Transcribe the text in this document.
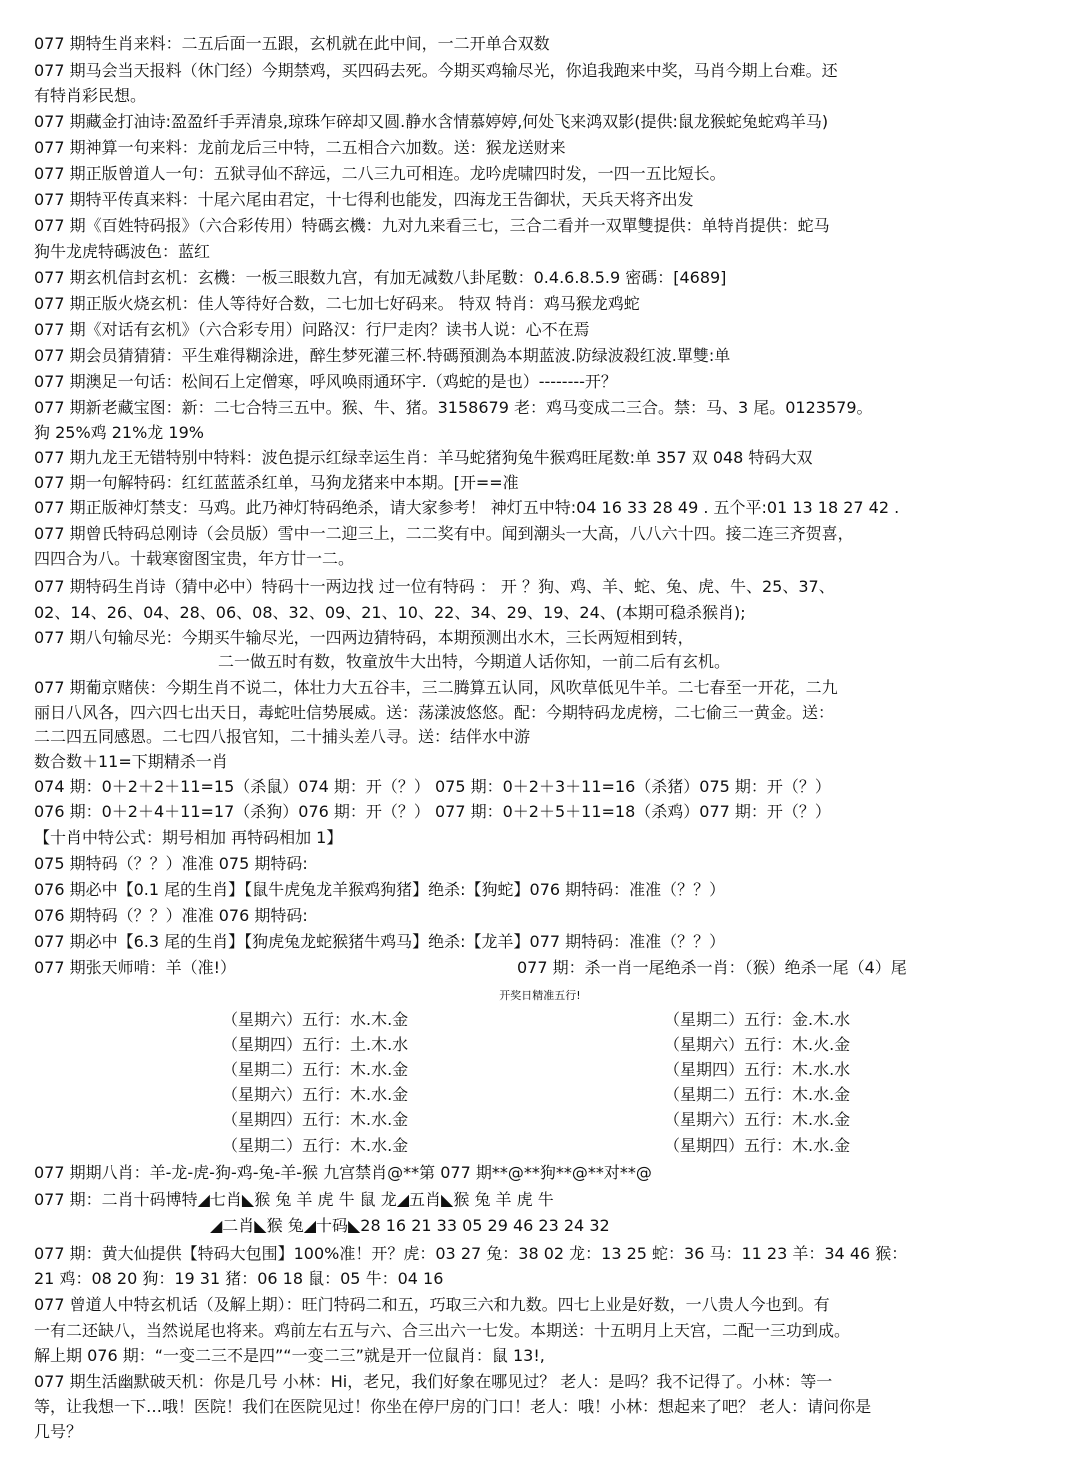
077 期特生肖来料：二五后面一五跟，玄机就在此中间，一二开单合双数
077 期马会当天报料（休门经）今期禁鸡，买四码去死。今期买鸡输尽光，你追我跑来中奖，马肖今期上台难。还
有特肖彩民想。
077 期藏金打油诗:盈盈纤手弄清泉,琼珠乍碎却又圆.静水含情慕婷婷,何处飞来鸿双影(提供:鼠龙猴蛇兔蛇鸡羊马)
077 期神算一句来料：龙前龙后三中特，二五相合六加数。送：猴龙送财来
077 期正版曾道人一句：五狱寻仙不辞远，二八三九可相连。龙吟虎啸四时发，一四一五比短长。
077 期特平传真来料：十尾六尾由君定，十七得利也能发，四海龙王告御状，天兵天将齐出发
077 期《百姓特码报》（六合彩传用）特碼玄機：九对九来看三七，三合二看并一双單雙提供：单特肖提供：蛇马
狗牛龙虎特碼波色：蓝红
077 期玄机信封玄机：玄機：一板三眼数九宫，有加无减数八卦尾數：0.4.6.8.5.9 密碼：[4689]
077 期正版火烧玄机：佳人等待好合数，二七加七好码来。 特双 特肖：鸡马猴龙鸡蛇
077 期《对话有玄机》（六合彩专用）问路汉：行尸走肉？读书人说：心不在焉
077 期会员猜猜猜：平生难得糊涂进，醉生梦死灌三杯.特碼預測為本期蓝波.防绿波殺红波.單雙:单
077 期澳足一句话：松间石上定僧寒，呼风唤雨通环宇.（鸡蛇的是也）--------开？
077 期新老藏宝图：新：二七合特三五中。猴、牛、猪。3158679 老：鸡马变成二三合。禁：马、3 尾。0123579。
狗 25%鸡 21%龙 19%
077 期九龙王无错特别中特料：波色提示红绿幸运生肖：羊马蛇猪狗兔牛猴鸡旺尾数:单 357 双 048 特码大双
077 期一句解特码：红红蓝蓝杀红单，马狗龙猪来中本期。[开==准
077 期正版神灯禁支：马鸡。此乃神灯特码绝杀，请大家参考！ 神灯五中特:04 16 33 28 49 . 五个平:01 13 18 27 42 .
077 期曾氏特码总刚诗（会员版）雪中一二迎三上，二二奖有中。闻到潮头一大高，八八六十四。接二连三齐贺喜，
四四合为八。十载寒窗图宝贵，年方廿一二。
077 期特码生肖诗（猜中必中）特码十一两边找 过一位有特码 ： 开 ？狗、鸡、羊、蛇、兔、虎、牛、25、37、
02、14、26、04、28、06、08、32、09、21、10、22、34、29、19、24、(本期可稳杀猴肖);
077 期八句输尽光：今期买牛输尽光，一四两边猜特码，本期预测出水木，三长两短相到转，
二一做五时有数，牧童放牛大出特，今期道人话你知，一前二后有玄机。
077 期葡京赌侠：今期生肖不说二，体壮力大五谷丰，三二腾算五认同，风吹草低见牛羊。二七春至一开花，二九
丽日八风各，四六四七出天日，毒蛇吐信势展威。送：荡漾波悠悠。配：今期特码龙虎榜，二七偷三一黄金。送：
二二四五同感恩。二七四八报官知，二十捕头差八寻。送：结伴水中游
数合数＋11=下期精杀一肖
074 期：0＋2＋2＋11=15（杀鼠）074 期：开（？） 075 期：0＋2＋3＋11=16（杀猪）075 期：开（？）
076 期：0＋2＋4＋11=17（杀狗）076 期：开（？） 077 期：0＋2＋5＋11=18（杀鸡）077 期：开（？）
【十肖中特公式：期号相加 再特码相加 1】
075 期特码（？？）准准 075 期特码:
076 期必中【0.1 尾的生肖】【鼠牛虎兔龙羊猴鸡狗猪】绝杀:【狗蛇】076 期特码：准准（？？）
076 期特码（？？）准准 076 期特码:
077 期必中【6.3 尾的生肖】【狗虎兔龙蛇猴猪牛鸡马】绝杀:【龙羊】077 期特码：准准（？？）
077 期张天师啃：羊（准!）	077 期：杀一肖一尾绝杀一肖：（猴）绝杀一尾（4）尾
开奖日精准五行!
（星期六）五行：水.木.金
（星期四）五行：土.木.水
（星期二）五行：木.水.金
（星期六）五行：木.水.金
（星期四）五行：木.水.金
（星期二）五行：木.水.金
（星期二）五行：金.木.水
（星期六）五行：木.火.金
（星期四）五行：木.水.水
（星期二）五行：木.水.金
（星期六）五行：木.水.金
（星期四）五行：木.水.金
077 期期八肖：羊-龙-虎-狗-鸡-兔-羊-猴 九宫禁肖@**第 077 期**@**狗**@**对**@
077 期：二肖十码博特◢七肖◣猴 兔 羊 虎 牛 鼠 龙◢五肖◣猴 兔 羊 虎 牛
◢二肖◣猴 兔◢十码◣28 16 21 33 05 29 46 23 24 32
077 期：黄大仙提供【特码大包围】100%准！开？虎：03 27 兔：38 02 龙：13 25 蛇：36 马：11 23 羊：34 46 猴：
21 鸡：08 20 狗：19 31 猪：06 18 鼠：05 牛：04 16
077 曾道人中特玄机话（及解上期）：旺门特码二和五，巧取三六和九数。四七上业是好数，一八贵人今也到。有
一有二还缺八，当然说尾也将来。鸡前左右五与六、合三出六一七发。本期送：十五明月上天宫，二配一三功到成。
解上期 076 期：“一变二三不是四”“一变二三”就是开一位鼠肖：鼠 13!,
077 期生活幽默破天机：你是几号 小林：Hi，老兄，我们好象在哪见过？ 老人：是吗？我不记得了。小林：等一
等，让我想一下…哦！医院！我们在医院见过！你坐在停尸房的门口！老人：哦！小林：想起来了吧？ 老人：请问你是
几号？
